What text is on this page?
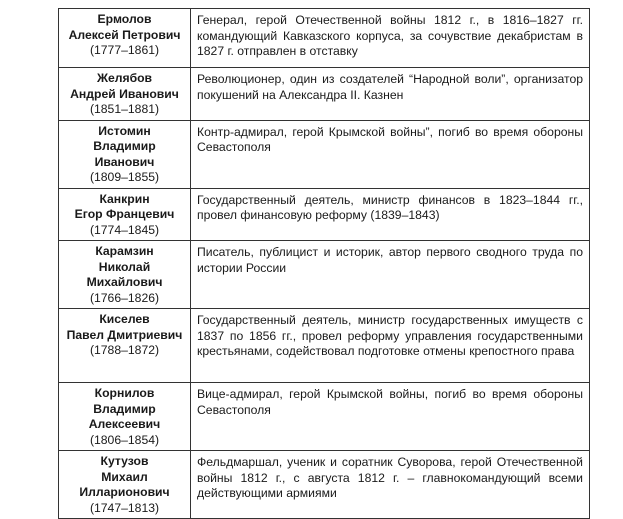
Ермолов
Алексей Петрович
(1777–1861)	Генерал, герой Отечественной войны 1812 г., в 1816–1827 гг. командующий Кавказского корпуса, за сочувствие декабристам в 1827 г. отправлен в отставку

Желябов
Андрей Иванович
(1851–1881)	Революционер, один из создателей “Народной воли”, организатор покушений на Александра II. Казнен

Истомин
Владимир Иванович
(1809–1855)	Контр-адмирал, герой Крымской войны”, погиб во время обороны Севастополя

Канкрин
Егор Францевич
(1774–1845)	Государственный деятель, министр финансов в 1823–1844 гг., провел финансовую реформу (1839–1843)

Карамзин
Николай Михайлович
(1766–1826)	Писатель, публицист и историк, автор первого сводного труда по истории России

Киселев
Павел Дмитриевич
(1788–1872)	Государственный деятель, министр государственных имуществ с 1837 по 1856 гг., провел реформу управления государственными крестьянами, содействовал подготовке отмены крепостного права

Корнилов
Владимир Алексеевич
(1806–1854)	Вице-адмирал, герой Крымской войны, погиб во время обороны Севастополя

Кутузов
Михаил Илларионович
(1747–1813)	Фельдмаршал, ученик и соратник Суворова, герой Отечественной войны 1812 г., с августа 1812 г. – главнокомандующий всеми действующими армиями
